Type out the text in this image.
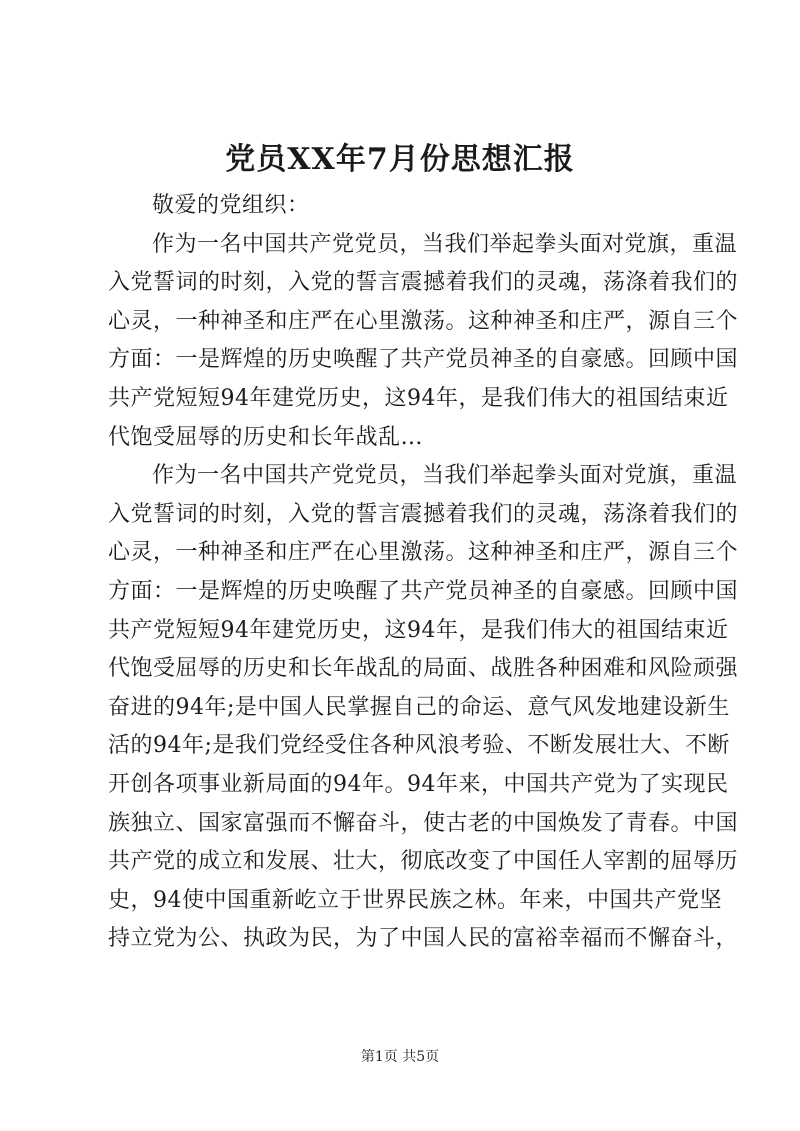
党员XX年7月份思想汇报
敬爱的党组织：
作为一名中国共产党党员，当我们举起拳头面对党旗，重温
入党誓词的时刻，入党的誓言震撼着我们的灵魂，荡涤着我们的
心灵，一种神圣和庄严在心里激荡。这种神圣和庄严，源自三个
方面：一是辉煌的历史唤醒了共产党员神圣的自豪感。回顾中国
共产党短短94年建党历史，这94年，是我们伟大的祖国结束近
代饱受屈辱的历史和长年战乱…
作为一名中国共产党党员，当我们举起拳头面对党旗，重温
入党誓词的时刻，入党的誓言震撼着我们的灵魂，荡涤着我们的
心灵，一种神圣和庄严在心里激荡。这种神圣和庄严，源自三个
方面：一是辉煌的历史唤醒了共产党员神圣的自豪感。回顾中国
共产党短短94年建党历史，这94年，是我们伟大的祖国结束近
代饱受屈辱的历史和长年战乱的局面、战胜各种困难和风险顽强
奋进的94年;是中国人民掌握自己的命运、意气风发地建设新生
活的94年;是我们党经受住各种风浪考验、不断发展壮大、不断
开创各项事业新局面的94年。94年来，中国共产党为了实现民
族独立、国家富强而不懈奋斗，使古老的中国焕发了青春。中国
共产党的成立和发展、壮大，彻底改变了中国任人宰割的屈辱历
史，94使中国重新屹立于世界民族之林。年来，中国共产党坚
持立党为公、执政为民，为了中国人民的富裕幸福而不懈奋斗，
第1页 共5页
